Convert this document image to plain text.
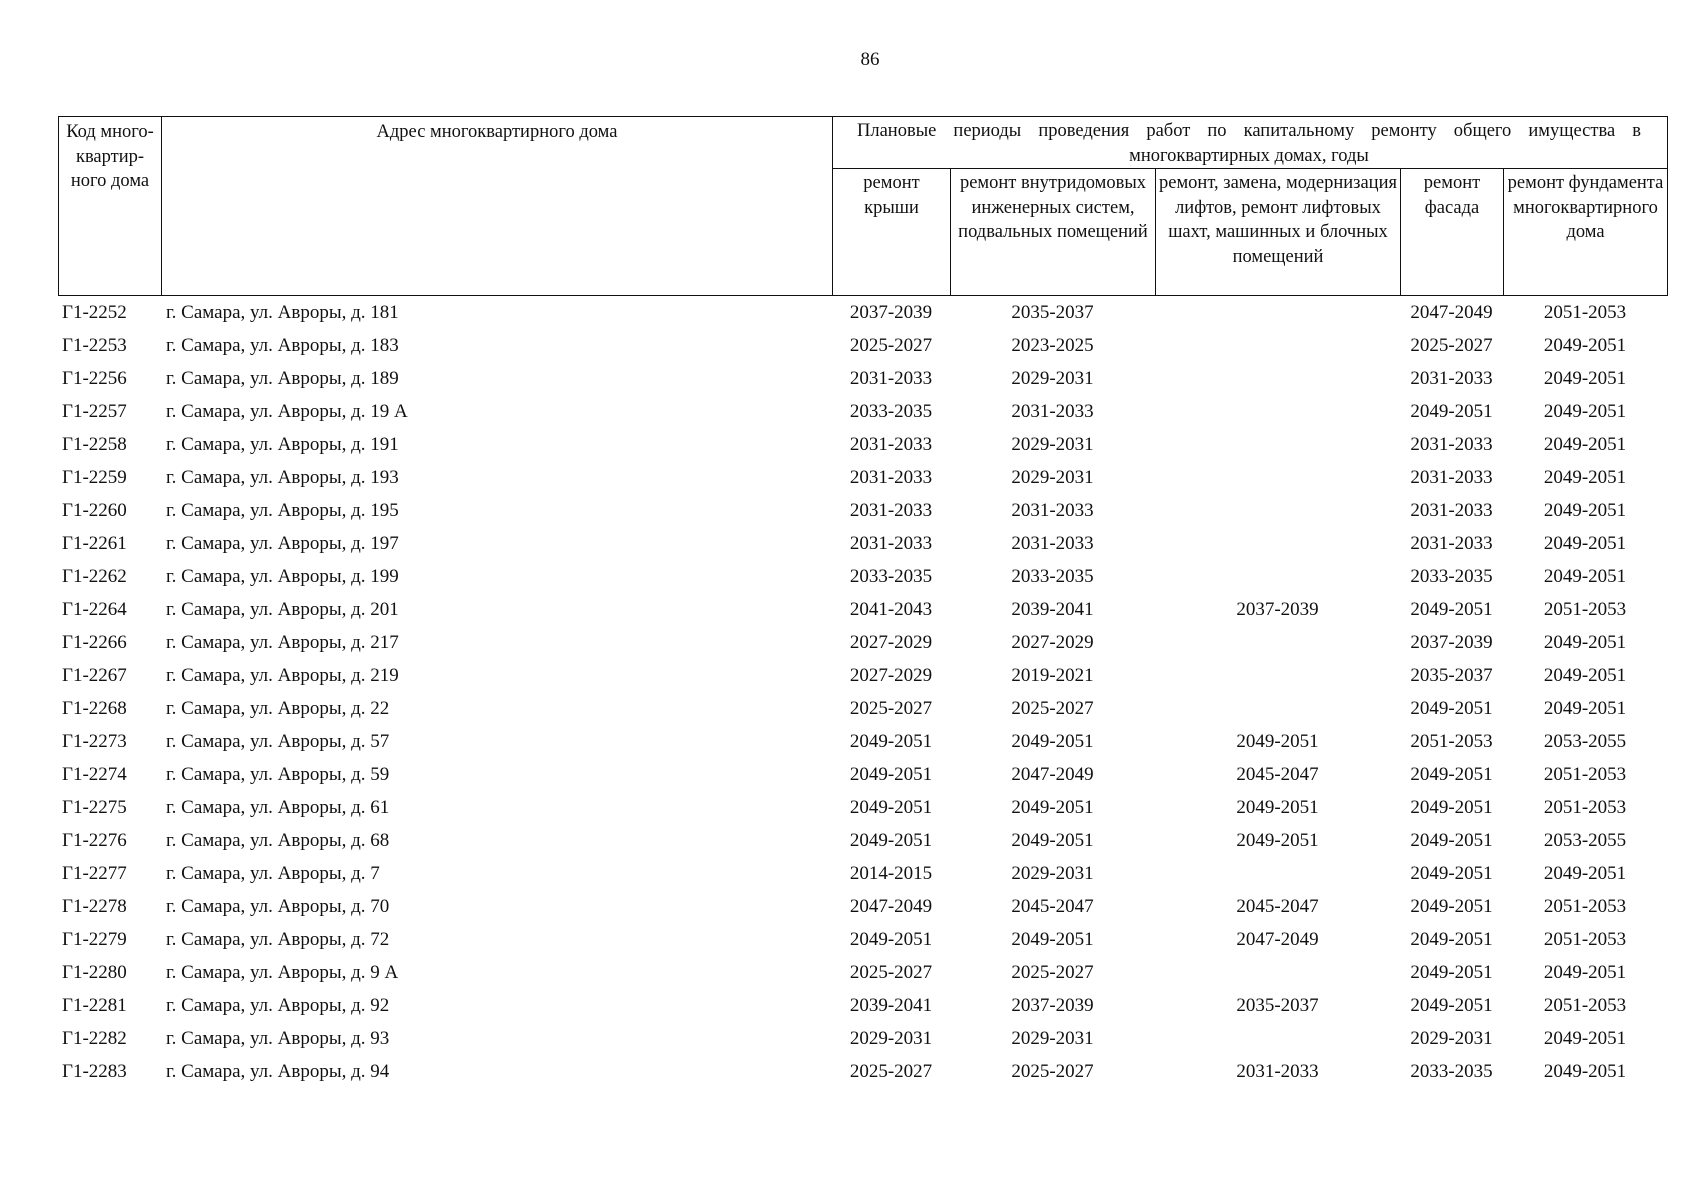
86
Код много-квартир-ного дома	Адрес многоквартирного дома	Плановые периоды проведения работ по капитальному ремонту общего имущества в многоквартирных домах, годы				

		ремонт крыши	ремонт внутридомовых инженерных систем, подвальных помещений	ремонт, замена, модернизация лифтов, ремонт лифтовых шахт, машинных и блочных помещений	ремонт фасада	ремонт фундамента многоквартирного дома
Г1-2252	г. Самара, ул. Авроры, д. 181	2037-2039	2035-2037		2047-2049	2051-2053
Г1-2253	г. Самара, ул. Авроры, д. 183	2025-2027	2023-2025		2025-2027	2049-2051
Г1-2256	г. Самара, ул. Авроры, д. 189	2031-2033	2029-2031		2031-2033	2049-2051
Г1-2257	г. Самара, ул. Авроры, д. 19 А	2033-2035	2031-2033		2049-2051	2049-2051
Г1-2258	г. Самара, ул. Авроры, д. 191	2031-2033	2029-2031		2031-2033	2049-2051
Г1-2259	г. Самара, ул. Авроры, д. 193	2031-2033	2029-2031		2031-2033	2049-2051
Г1-2260	г. Самара, ул. Авроры, д. 195	2031-2033	2031-2033		2031-2033	2049-2051
Г1-2261	г. Самара, ул. Авроры, д. 197	2031-2033	2031-2033		2031-2033	2049-2051
Г1-2262	г. Самара, ул. Авроры, д. 199	2033-2035	2033-2035		2033-2035	2049-2051
Г1-2264	г. Самара, ул. Авроры, д. 201	2041-2043	2039-2041	2037-2039	2049-2051	2051-2053
Г1-2266	г. Самара, ул. Авроры, д. 217	2027-2029	2027-2029		2037-2039	2049-2051
Г1-2267	г. Самара, ул. Авроры, д. 219	2027-2029	2019-2021		2035-2037	2049-2051
Г1-2268	г. Самара, ул. Авроры, д. 22	2025-2027	2025-2027		2049-2051	2049-2051
Г1-2273	г. Самара, ул. Авроры, д. 57	2049-2051	2049-2051	2049-2051	2051-2053	2053-2055
Г1-2274	г. Самара, ул. Авроры, д. 59	2049-2051	2047-2049	2045-2047	2049-2051	2051-2053
Г1-2275	г. Самара, ул. Авроры, д. 61	2049-2051	2049-2051	2049-2051	2049-2051	2051-2053
Г1-2276	г. Самара, ул. Авроры, д. 68	2049-2051	2049-2051	2049-2051	2049-2051	2053-2055
Г1-2277	г. Самара, ул. Авроры, д. 7	2014-2015	2029-2031		2049-2051	2049-2051
Г1-2278	г. Самара, ул. Авроры, д. 70	2047-2049	2045-2047	2045-2047	2049-2051	2051-2053
Г1-2279	г. Самара, ул. Авроры, д. 72	2049-2051	2049-2051	2047-2049	2049-2051	2051-2053
Г1-2280	г. Самара, ул. Авроры, д. 9 А	2025-2027	2025-2027		2049-2051	2049-2051
Г1-2281	г. Самара, ул. Авроры, д. 92	2039-2041	2037-2039	2035-2037	2049-2051	2051-2053
Г1-2282	г. Самара, ул. Авроры, д. 93	2029-2031	2029-2031		2029-2031	2049-2051
Г1-2283	г. Самара, ул. Авроры, д. 94	2025-2027	2025-2027	2031-2033	2033-2035	2049-2051
